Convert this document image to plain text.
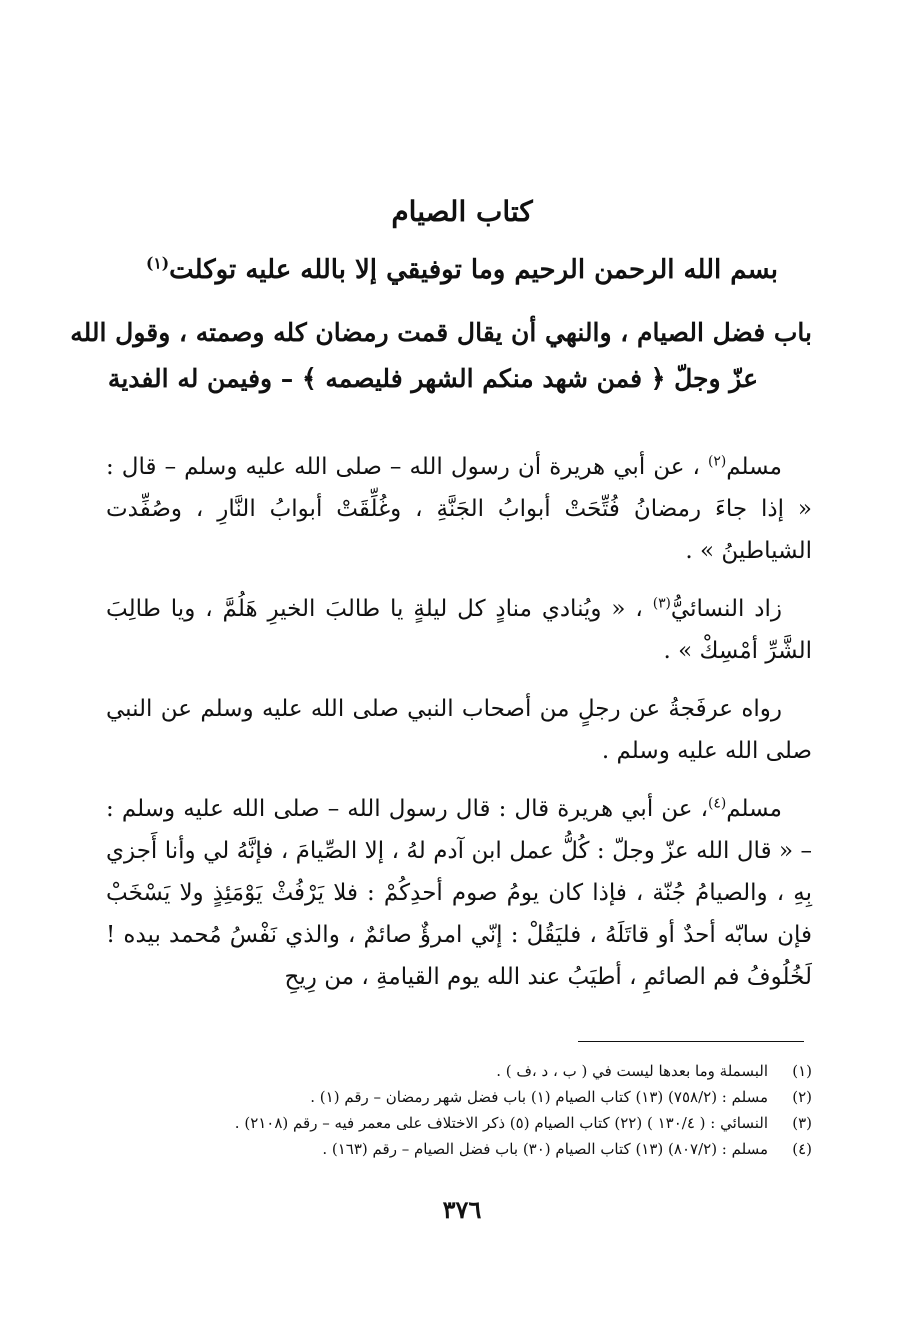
كتاب الصيام
بسم الله الرحمن الرحيم وما توفيقي إلا بالله عليه توكلت$^{(١)}$
باب فضل الصيام ، والنهي أن يقال قمت رمضان كله وصمته ، وقول الله
عزّ وجلّ ﴿ فمن شهد منكم الشهر فليصمه ﴾ – وفيمن له الفدية

مسلم$^{(٢)}$ ، عن أبي هريرة أن رسول الله – صلى الله عليه وسلم – قال : « إذا جاءَ رمضانُ فُتِّحَتْ أبوابُ الجَنَّةِ ، وغُلِّقَتْ أبوابُ النَّارِ ، وصُفِّدت الشياطينُ » .

زاد النسائيُّ$^{(٣)}$ ، « ويُنادي منادٍ كل ليلةٍ يا طالبَ الخيرِ هَلُمَّ ، ويا طالِبَ الشَّرِّ أمْسِكْ » .

رواه عرفَجةُ عن رجلٍ من أصحاب النبي صلى الله عليه وسلم عن النبي صلى الله عليه وسلم .

مسلم$^{(٤)}$، عن أبي هريرة قال : قال رسول الله – صلى الله عليه وسلم : – « قال الله عزّ وجلّ : كُلُّ عمل ابن آدم لهُ ، إلا الصِّيامَ ، فإنَّهُ لي وأنا أَجزي بِهِ ، والصيامُ جُنّة ، فإذا كان يومُ صوم أحدِكُمْ : فلا يَرْفُثْ يَوْمَئِذٍ ولا يَسْخَبْ فإن سابّه أحدٌ أو قاتَلَهُ ، فليَقُلْ : إنّي امرؤٌ صائمٌ ، والذي نَفْسُ مُحمد بيده ! لَخُلُوفُ فم الصائمِ ، أطيَبُ عند الله يوم القيامةِ ، من رِيحِ

(١)
البسملة وما بعدها ليست في ( ب ، د ،ف ) .
(٢)
مسلم : (٧٥٨/٢) (١٣) كتاب الصيام (١) باب فضل شهر رمضان – رقم (١) .
(٣)
النسائي : ( ١٣٠/٤ ) (٢٢) كتاب الصيام (٥) ذكر الاختلاف على معمر فيه – رقم (٢١٠٨) .
(٤)
مسلم : (٨٠٧/٢) (١٣) كتاب الصيام (٣٠) باب فضل الصيام – رقم (١٦٣) .
٣٧٦
